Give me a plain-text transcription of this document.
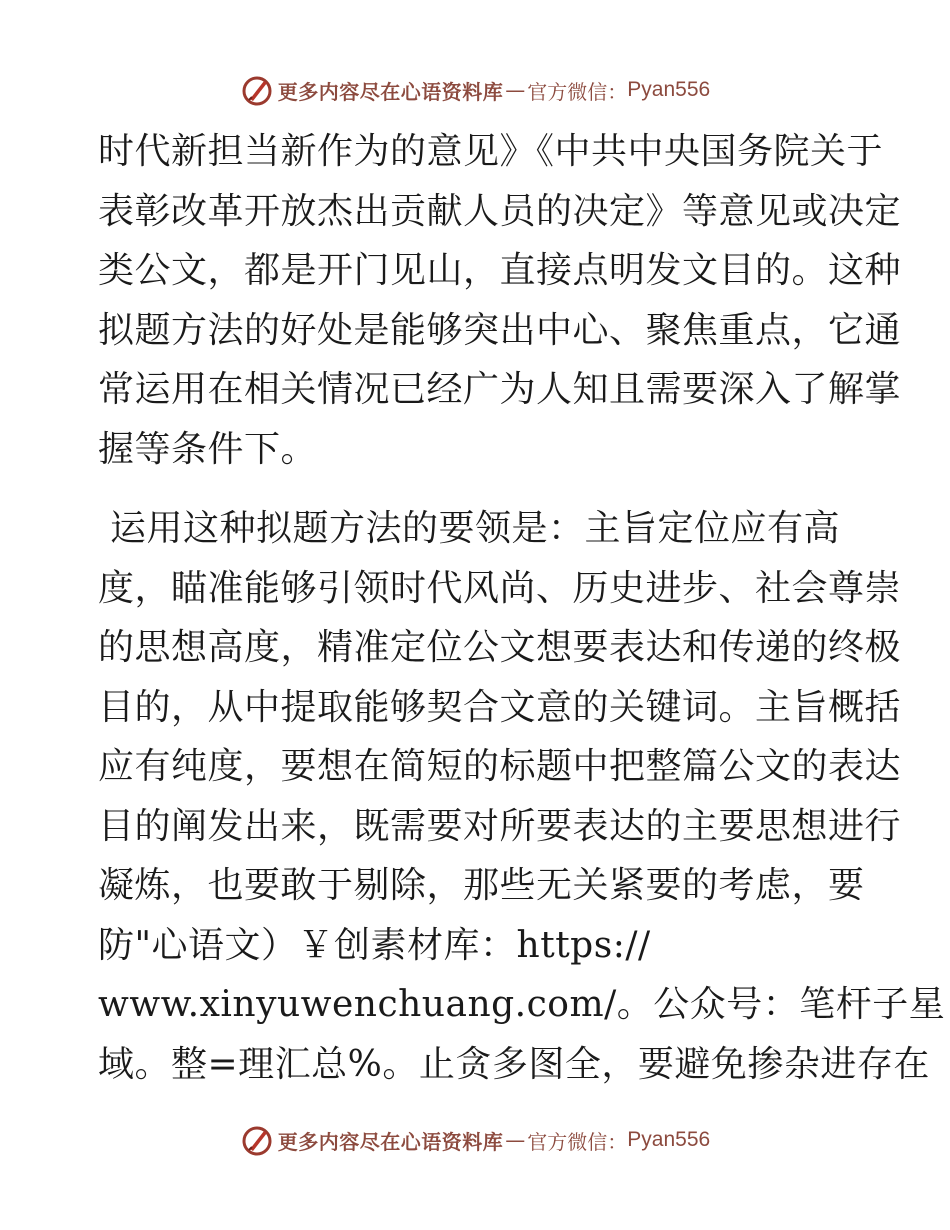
更多内容尽在心语资料库 — 官方微信： Pyan556

时代新担当新作为的意见》《中共中央国务院关于
表彰改革开放杰出贡献人员的决定》等意见或决定
类公文，都是开门见山，直接点明发文目的。这种
拟题方法的好处是能够突出中心、聚焦重点，它通
常运用在相关情况已经广为人知且需要深入了解掌
握等条件下。

运用这种拟题方法的要领是：主旨定位应有高
度，瞄准能够引领时代风尚、历史进步、社会尊崇
的思想高度，精准定位公文想要表达和传递的终极
目的，从中提取能够契合文意的关键词。主旨概括
应有纯度，要想在简短的标题中把整篇公文的表达
目的阐发出来，既需要对所要表达的主要思想进行
凝炼，也要敢于剔除，那些无关紧要的考虑，要
防"心语文）￥创素材库：https://
www.xinyuwenchuang.com/。公众号：笔杆子星
域。整=理汇总%。止贪多图全，要避免掺杂进存在

更多内容尽在心语资料库 — 官方微信： Pyan556
